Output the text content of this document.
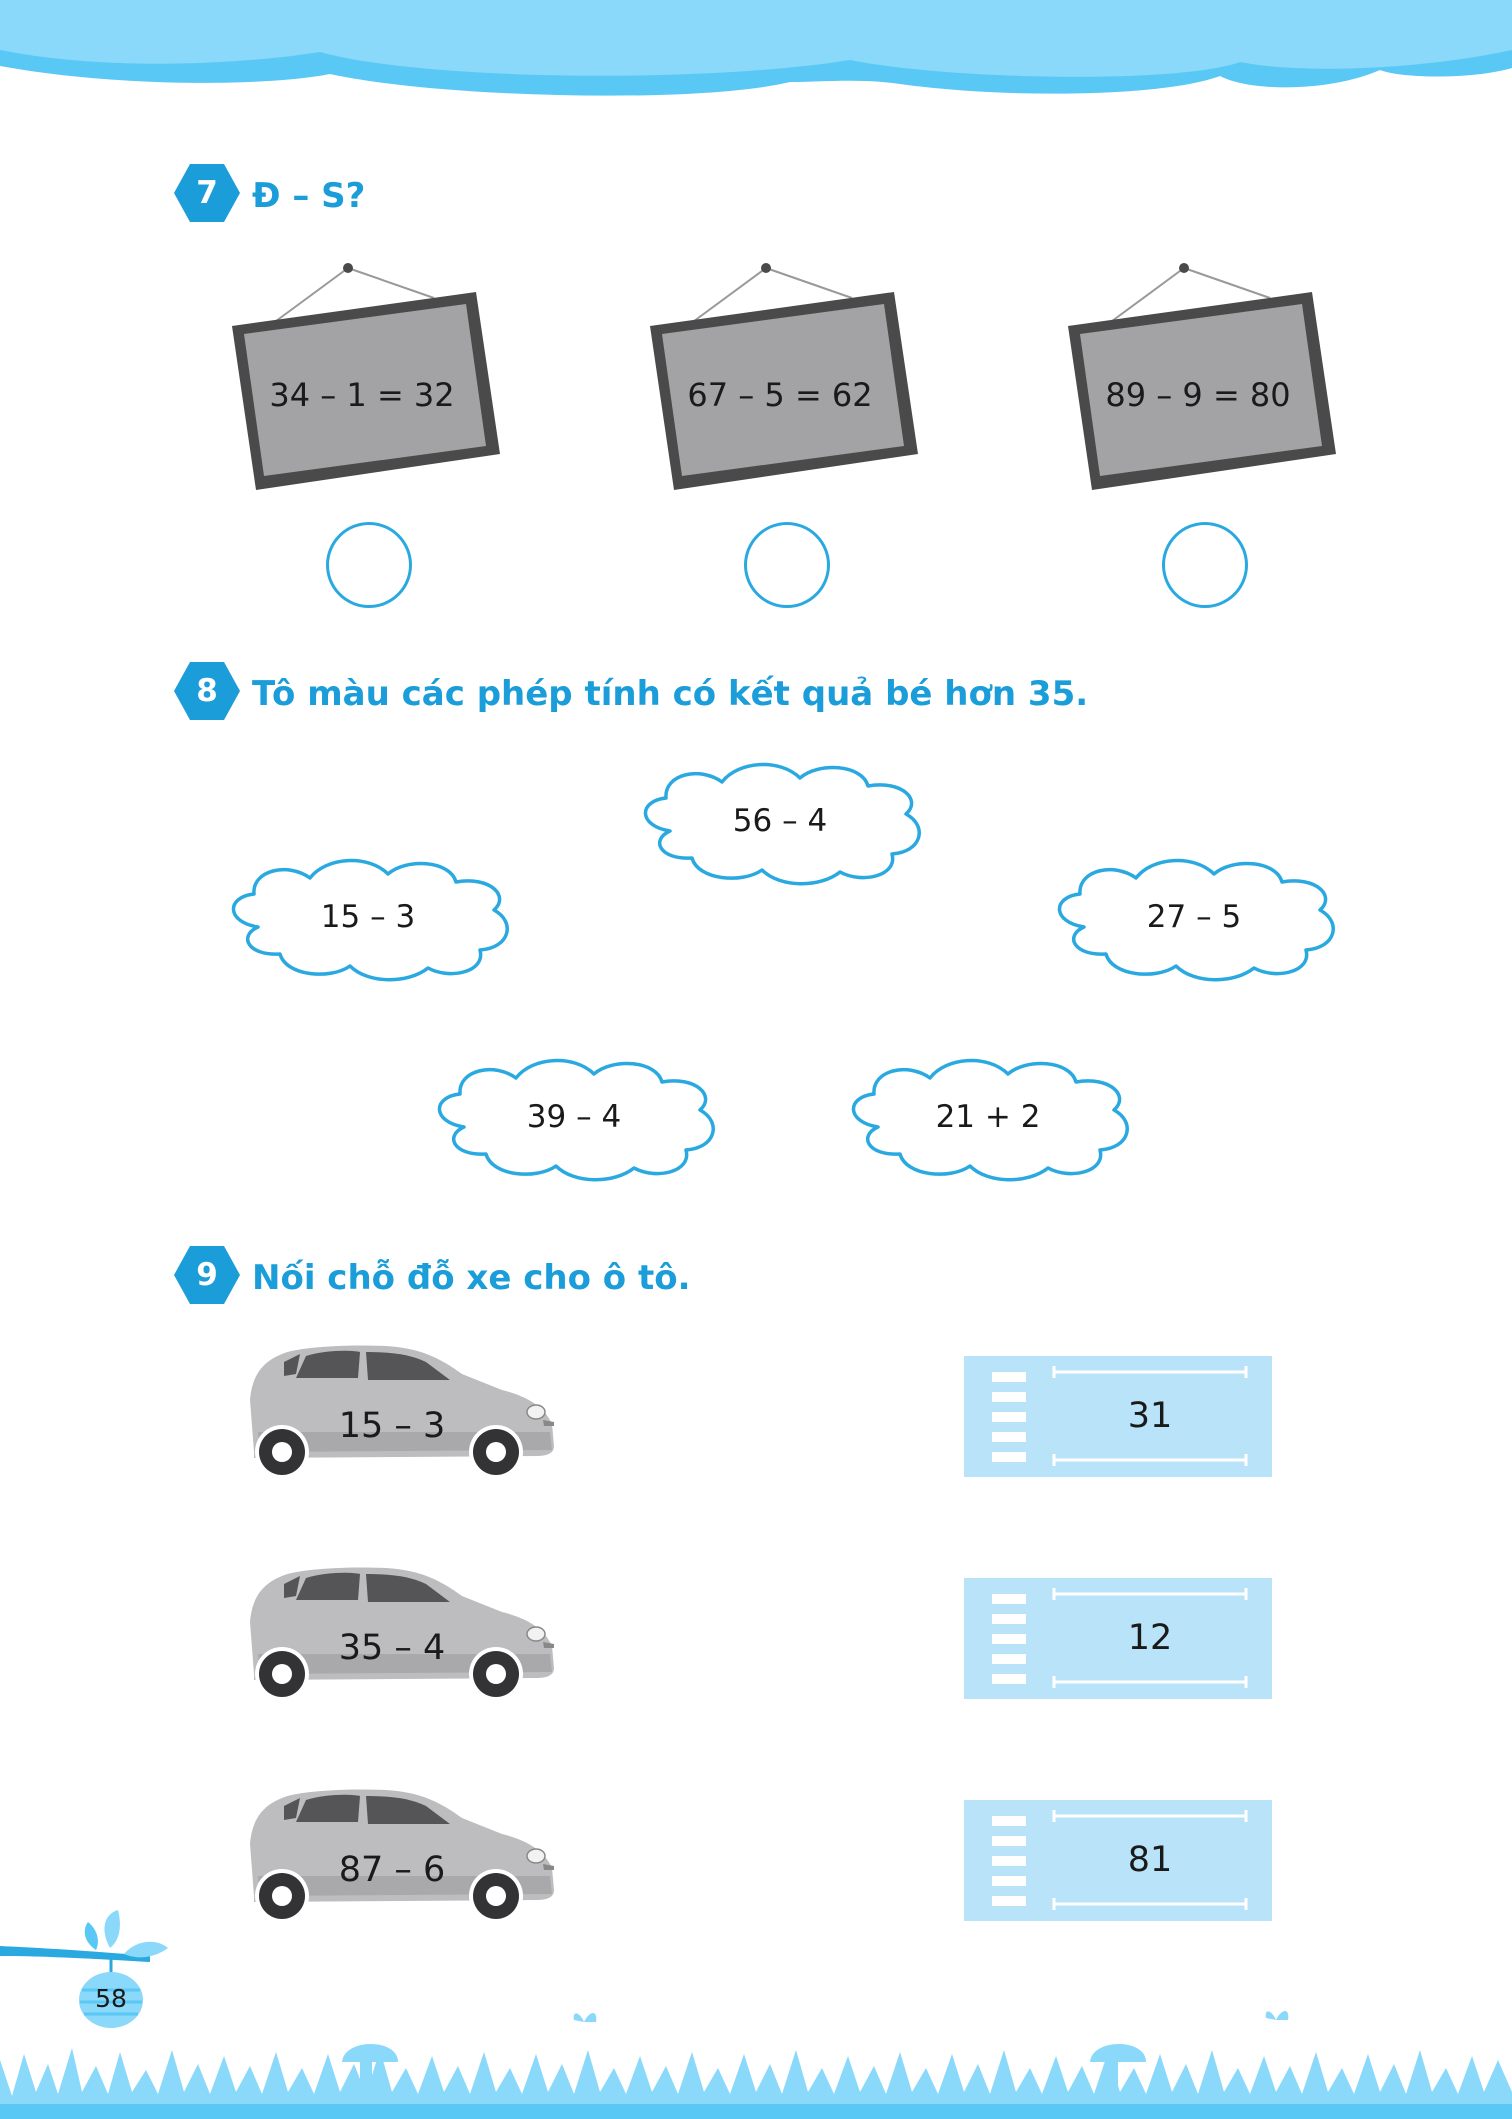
7	Đ – S?
34 – 1 = 32	67 – 5 = 62	89 – 9 = 80
8	Tô màu các phép tính có kết quả bé hơn 35.
56 – 4
15 – 3	27 – 5
39 – 4	21 + 2
9	Nối chỗ đỗ xe cho ô tô.
15 – 3
35 – 4
87 – 6
31
12
81
58
